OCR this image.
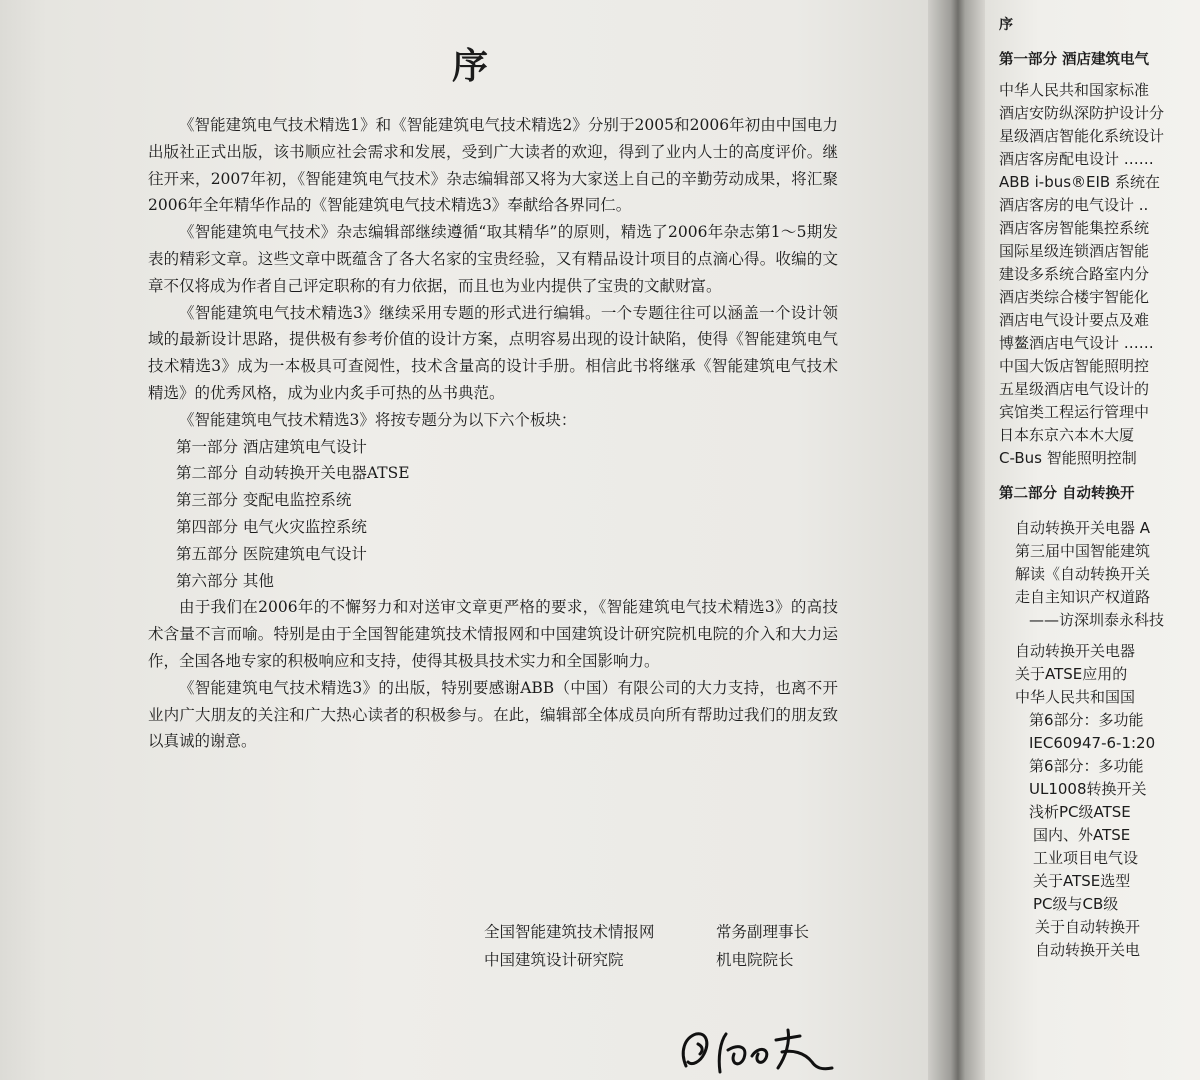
序

《智能建筑电气技术精选1》和《智能建筑电气技术精选2》分别于2005和2006年初由中国电力出版社正式出版，该书顺应社会需求和发展，受到广大读者的欢迎，得到了业内人士的高度评价。继往开来，2007年初，《智能建筑电气技术》杂志编辑部又将为大家送上自己的辛勤劳动成果，将汇聚2006年全年精华作品的《智能建筑电气技术精选3》奉献给各界同仁。

《智能建筑电气技术》杂志编辑部继续遵循“取其精华”的原则，精选了2006年杂志第1～5期发表的精彩文章。这些文章中既蕴含了各大名家的宝贵经验，又有精品设计项目的点滴心得。收编的文章不仅将成为作者自己评定职称的有力依据，而且也为业内提供了宝贵的文献财富。

《智能建筑电气技术精选3》继续采用专题的形式进行编辑。一个专题往往可以涵盖一个设计领域的最新设计思路，提供极有参考价值的设计方案，点明容易出现的设计缺陷，使得《智能建筑电气技术精选3》成为一本极具可查阅性，技术含量高的设计手册。相信此书将继承《智能建筑电气技术精选》的优秀风格，成为业内炙手可热的丛书典范。

《智能建筑电气技术精选3》将按专题分为以下六个板块：

第一部分 酒店建筑电气设计
第二部分 自动转换开关电器ATSE
第三部分 变配电监控系统
第四部分 电气火灾监控系统
第五部分 医院建筑电气设计
第六部分 其他

由于我们在2006年的不懈努力和对送审文章更严格的要求，《智能建筑电气技术精选3》的高技术含量不言而喻。特别是由于全国智能建筑技术情报网和中国建筑设计研究院机电院的介入和大力运作，全国各地专家的积极响应和支持，使得其极具技术实力和全国影响力。

《智能建筑电气技术精选3》的出版，特别要感谢ABB（中国）有限公司的大力支持，也离不开业内广大朋友的关注和广大热心读者的积极参与。在此，编辑部全体成员向所有帮助过我们的朋友致以真诚的谢意。

全国智能建筑技术情报网	常务副理事长
中国建筑设计研究院	机电院院长

序

第一部分 酒店建筑电气

中华人民共和国家标准

酒店安防纵深防护设计分

星级酒店智能化系统设计

酒店客房配电设计 ……

ABB i-bus®EIB 系统在

酒店客房的电气设计 ..

酒店客房智能集控系统

国际星级连锁酒店智能

建设多系统合路室内分

酒店类综合楼宇智能化

酒店电气设计要点及难

博鳌酒店电气设计 ……

中国大饭店智能照明控

五星级酒店电气设计的

宾馆类工程运行管理中

日本东京六本木大厦

C-Bus 智能照明控制

第二部分 自动转换开

自动转换开关电器 A

第三届中国智能建筑

解读《自动转换开关

走自主知识产权道路

——访深圳泰永科技

自动转换开关电器

关于ATSE应用的

中华人民共和国国

第6部分：多功能

IEC60947-6-1:20

第6部分：多功能

UL1008转换开关

浅析PC级ATSE

国内、外ATSE

工业项目电气设

关于ATSE选型

PC级与CB级

关于自动转换开

自动转换开关电
